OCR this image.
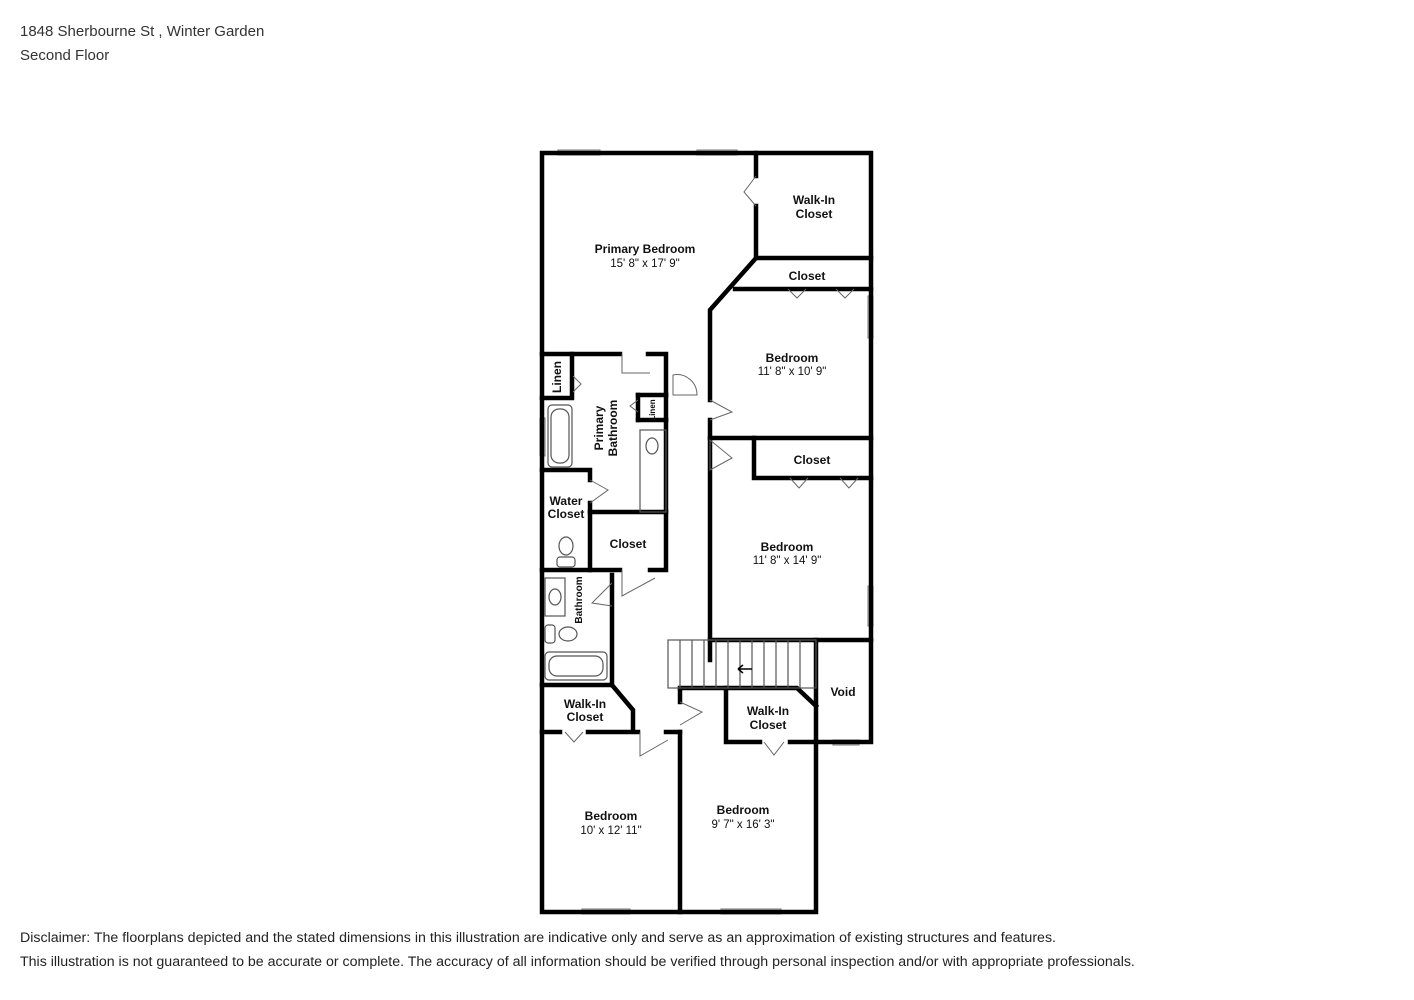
1848 Sherbourne St , Winter Garden
Second Floor
Primary Bedroom
15' 8" x 17' 9"
Walk-In
Closet
Closet
Bedroom
11' 8" x 10' 9"
Linen
Primary Bathroom	Linen
Closet
Bedroom
11' 8" x 14' 9"
Water
Closet
Closet
Bathroom
Void
Walk-In
Closet	Walk-In
Closet
Bedroom
10' x 12' 11"
Bedroom
9' 7" x 16' 3"
Disclaimer: The floorplans depicted and the stated dimensions in this illustration are indicative only and serve as an approximation of existing structures and features.
This illustration is not guaranteed to be accurate or complete. The accuracy of all information should be verified through personal inspection and/or with appropriate professionals.
